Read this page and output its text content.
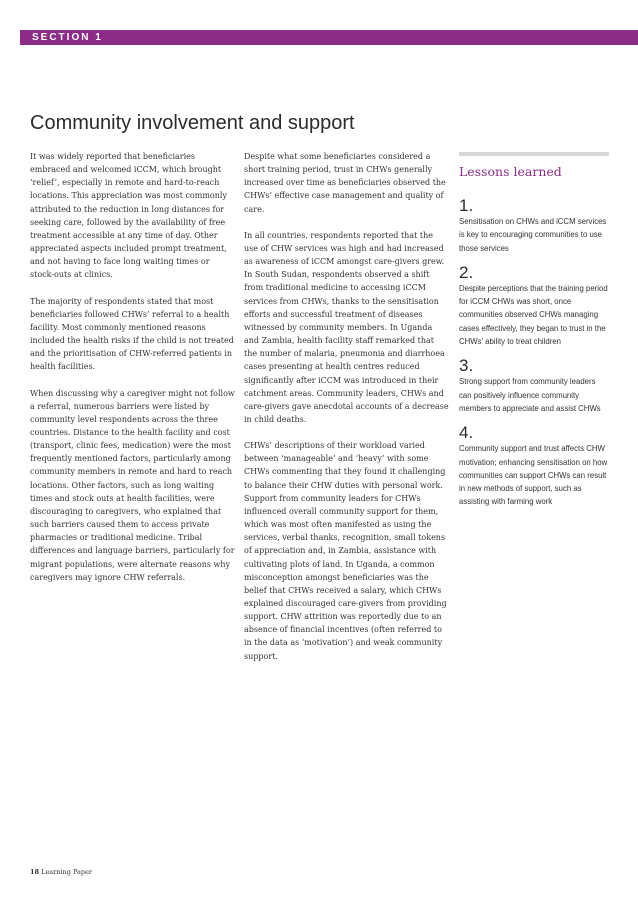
SECTION 1
Community involvement and support

It was widely reported that beneficiaries embraced and welcomed iCCM, which brought ‘relief’, especially in remote and hard-to-reach locations. This appreciation was most commonly attributed to the reduction in long distances for seeking care, followed by the availability of free treatment accessible at any time of day. Other appreciated aspects included prompt treatment, and not having to face long waiting times or stock-outs at clinics.

The majority of respondents stated that most beneficiaries followed CHWs’ referral to a health facility. Most commonly mentioned reasons included the health risks if the child is not treated and the prioritisation of CHW-referred patients in health facilities.

When discussing why a caregiver might not follow a referral, numerous barriers were listed by community level respondents across the three countries. Distance to the health facility and cost (transport, clinic fees, medication) were the most frequently mentioned factors, particularly among community members in remote and hard to reach locations. Other factors, such as long waiting times and stock outs at health facilities, were discouraging to caregivers, who explained that such barriers caused them to access private pharmacies or traditional medicine. Tribal differences and language barriers, particularly for migrant populations, were alternate reasons why caregivers may ignore CHW referrals.

Despite what some beneficiaries considered a short training period, trust in CHWs generally increased over time as beneficiaries observed the CHWs’ effective case management and quality of care.

In all countries, respondents reported that the use of CHW services was high and had increased as awareness of iCCM amongst care-givers grew. In South Sudan, respondents observed a shift from traditional medicine to accessing iCCM services from CHWs, thanks to the sensitisation efforts and successful treatment of diseases witnessed by community members. In Uganda and Zambia, health facility staff remarked that the number of malaria, pneumonia and diarrhoea cases presenting at health centres reduced significantly after iCCM was introduced in their catchment areas. Community leaders, CHWs and care-givers gave anecdotal accounts of a decrease in child deaths.

CHWs’ descriptions of their workload varied between ‘manageable’ and ‘heavy’ with some CHWs commenting that they found it challenging to balance their CHW duties with personal work. Support from community leaders for CHWs influenced overall community support for them, which was most often manifested as using the services, verbal thanks, recognition, small tokens of appreciation and, in Zambia, assistance with cultivating plots of land. In Uganda, a common misconception amongst beneficiaries was the belief that CHWs received a salary, which CHWs explained discouraged care-givers from providing support. CHW attrition was reportedly due to an absence of financial incentives (often referred to in the data as ‘motivation’) and weak community support.

Lessons learned
1.
Sensitisation on CHWs and iCCM services is key to encouraging communities to use those services
2.
Despite perceptions that the training period for iCCM CHWs was short, once communities observed CHWs managing cases effectively, they began to trust in the CHWs’ ability to treat children
3.
Strong support from community leaders can positively influence community members to appreciate and assist CHWs
4.
Community support and trust affects CHW motivation; enhancing sensitisation on how communities can support CHWs can result in new methods of support, such as assisting with farming work
18 Learning Paper
